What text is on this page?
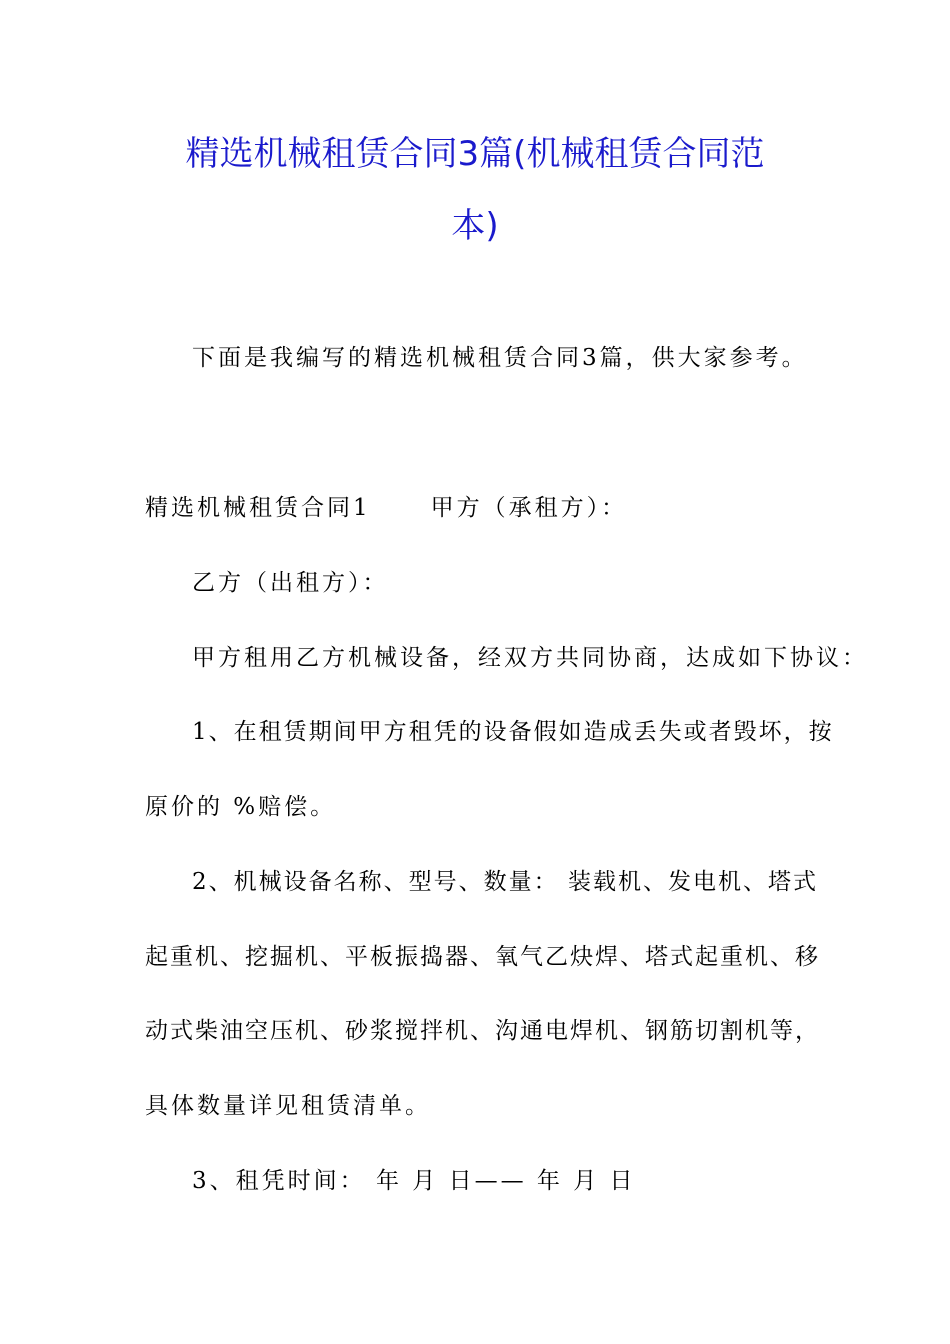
精选机械租赁合同3篇(机械租赁合同范
本)
下面是我编写的精选机械租赁合同3篇，供大家参考。
精选机械租赁合同1	甲方（承租方）：
乙方（出租方）：
甲方租用乙方机械设备，经双方共同协商，达成如下协议：
1、在租赁期间甲方租凭的设备假如造成丢失或者毁坏，按
原价的 %赔偿。
2、机械设备名称、型号、数量： 装载机、发电机、塔式
起重机、挖掘机、平板振捣器、氧气乙炔焊、塔式起重机、移
动式柴油空压机、砂浆搅拌机、沟通电焊机、钢筋切割机等，
具体数量详见租赁清单。
3、租凭时间： 年 月 日—— 年 月 日
